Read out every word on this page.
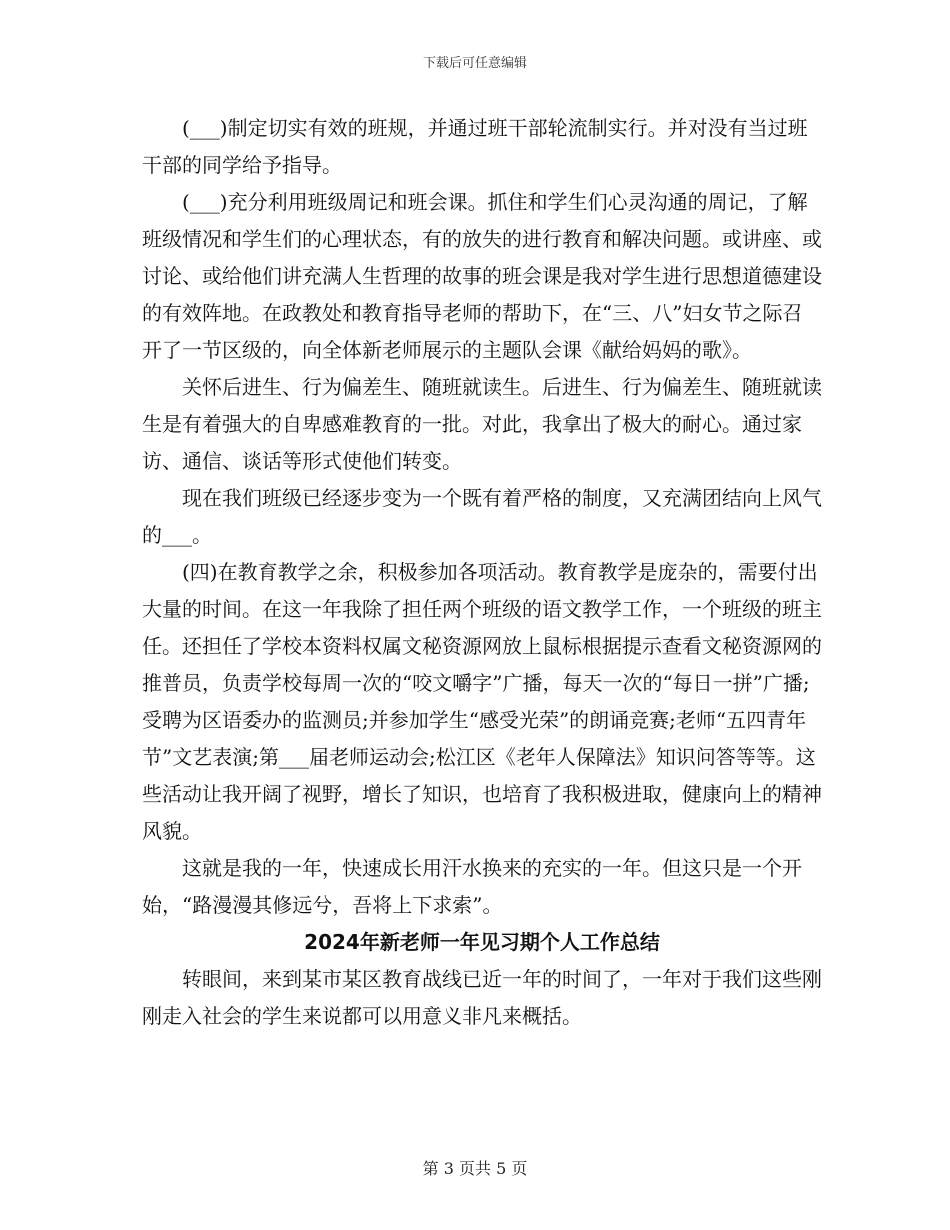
下载后可任意编辑

(___)制定切实有效的班规，并通过班干部轮流制实行。并对没有当过班干部的同学给予指导。

(___)充分利用班级周记和班会课。抓住和学生们心灵沟通的周记，了解班级情况和学生们的心理状态，有的放失的进行教育和解决问题。或讲座、或讨论、或给他们讲充满人生哲理的故事的班会课是我对学生进行思想道德建设的有效阵地。在政教处和教育指导老师的帮助下，在“三、八”妇女节之际召开了一节区级的，向全体新老师展示的主题队会课《献给妈妈的歌》。

关怀后进生、行为偏差生、随班就读生。后进生、行为偏差生、随班就读生是有着强大的自卑感难教育的一批。对此，我拿出了极大的耐心。通过家访、通信、谈话等形式使他们转变。

现在我们班级已经逐步变为一个既有着严格的制度，又充满团结向上风气的___。

(四)在教育教学之余，积极参加各项活动。教育教学是庞杂的，需要付出大量的时间。在这一年我除了担任两个班级的语文教学工作，一个班级的班主任。还担任了学校本资料权属文秘资源网放上鼠标根据提示查看文秘资源网的推普员，负责学校每周一次的“咬文嚼字”广播，每天一次的“每日一拼”广播;受聘为区语委办的监测员;并参加学生“感受光荣”的朗诵竞赛;老师“五四青年节”文艺表演;第___届老师运动会;松江区《老年人保障法》知识问答等等。这些活动让我开阔了视野，增长了知识，也培育了我积极进取，健康向上的精神风貌。

这就是我的一年，快速成长用汗水换来的充实的一年。但这只是一个开始，“路漫漫其修远兮，吾将上下求索”。

2024年新老师一年见习期个人工作总结

转眼间，来到某市某区教育战线已近一年的时间了，一年对于我们这些刚刚走入社会的学生来说都可以用意义非凡来概括。

第 3 页共 5 页
